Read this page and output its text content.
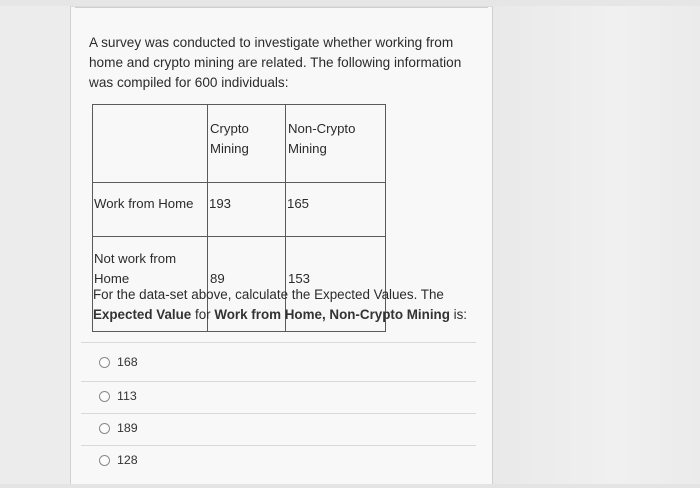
A survey was conducted to investigate whether working from home and crypto mining are related. The following information was compiled for 600 individuals:

	Crypto Mining	Non-Crypto Mining
Work from Home	193	165
Not work from Home	89	153

For the data-set above, calculate the Expected Values. The Expected Value for Work from Home, Non-Crypto Mining is:

168
113
189
128
